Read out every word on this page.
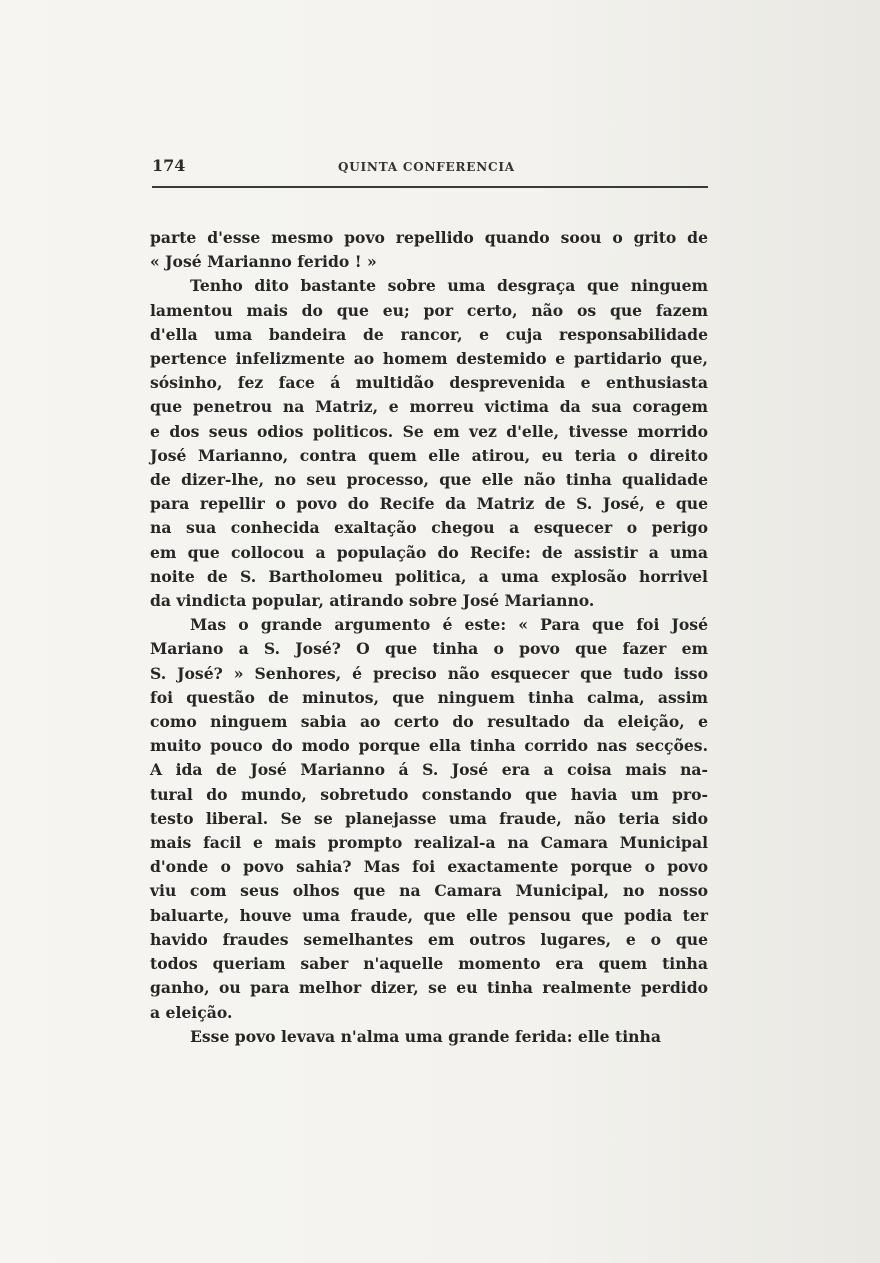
174	QUINTA CONFERENCIA

parte d'esse mesmo povo repellido quando soou o grito de
« José Marianno ferido ! »

Tenho dito bastante sobre uma desgraça que ninguem
lamentou mais do que eu; por certo, não os que fazem
d'ella uma bandeira de rancor, e cuja responsabilidade
pertence infelizmente ao homem destemido e partidario que,
sósinho, fez face á multidão desprevenida e enthusiasta
que penetrou na Matriz, e morreu victima da sua coragem
e dos seus odios politicos. Se em vez d'elle, tivesse morrido
José Marianno, contra quem elle atirou, eu teria o direito
de dizer-lhe, no seu processo, que elle não tinha qualidade
para repellir o povo do Recife da Matriz de S. José, e que
na sua conhecida exaltação chegou a esquecer o perigo
em que collocou a população do Recife: de assistir a uma
noite de S. Bartholomeu politica, a uma explosão horrivel
da vindicta popular, atirando sobre José Marianno.

Mas o grande argumento é este: « Para que foi José
Mariano a S. José? O que tinha o povo que fazer em
S. José? » Senhores, é preciso não esquecer que tudo isso
foi questão de minutos, que ninguem tinha calma, assim
como ninguem sabia ao certo do resultado da eleição, e
muito pouco do modo porque ella tinha corrido nas secções.
A ida de José Marianno á S. José era a coisa mais na-
tural do mundo, sobretudo constando que havia um pro-
testo liberal. Se se planejasse uma fraude, não teria sido
mais facil e mais prompto realizal-a na Camara Municipal
d'onde o povo sahia? Mas foi exactamente porque o povo
viu com seus olhos que na Camara Municipal, no nosso
baluarte, houve uma fraude, que elle pensou que podia ter
havido fraudes semelhantes em outros lugares, e o que
todos queriam saber n'aquelle momento era quem tinha
ganho, ou para melhor dizer, se eu tinha realmente perdido
a eleição.

Esse povo levava n'alma uma grande ferida: elle tinha
